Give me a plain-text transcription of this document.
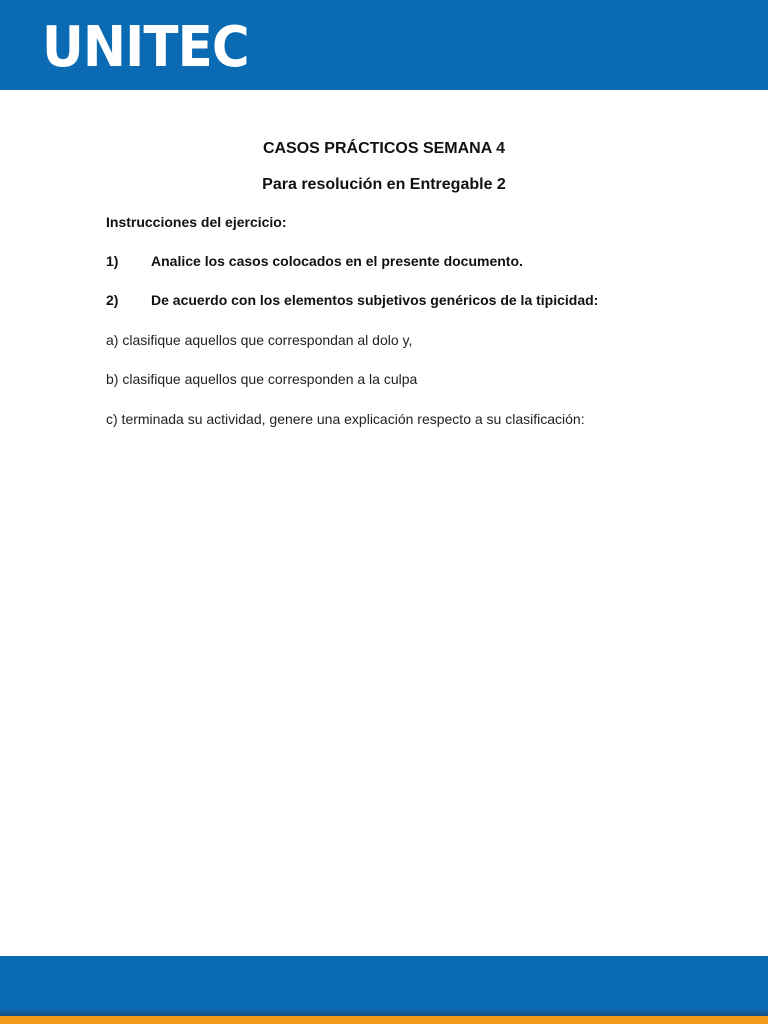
UNITEC
CASOS PRÁCTICOS SEMANA 4
Para resolución en Entregable 2
Instrucciones del ejercicio:
1) Analice los casos colocados en el presente documento.
2) De acuerdo con los elementos subjetivos genéricos de la tipicidad:
a) clasifique aquellos que correspondan al dolo y,
b) clasifique aquellos que corresponden a la culpa
c) terminada su actividad, genere una explicación respecto a su clasificación:
